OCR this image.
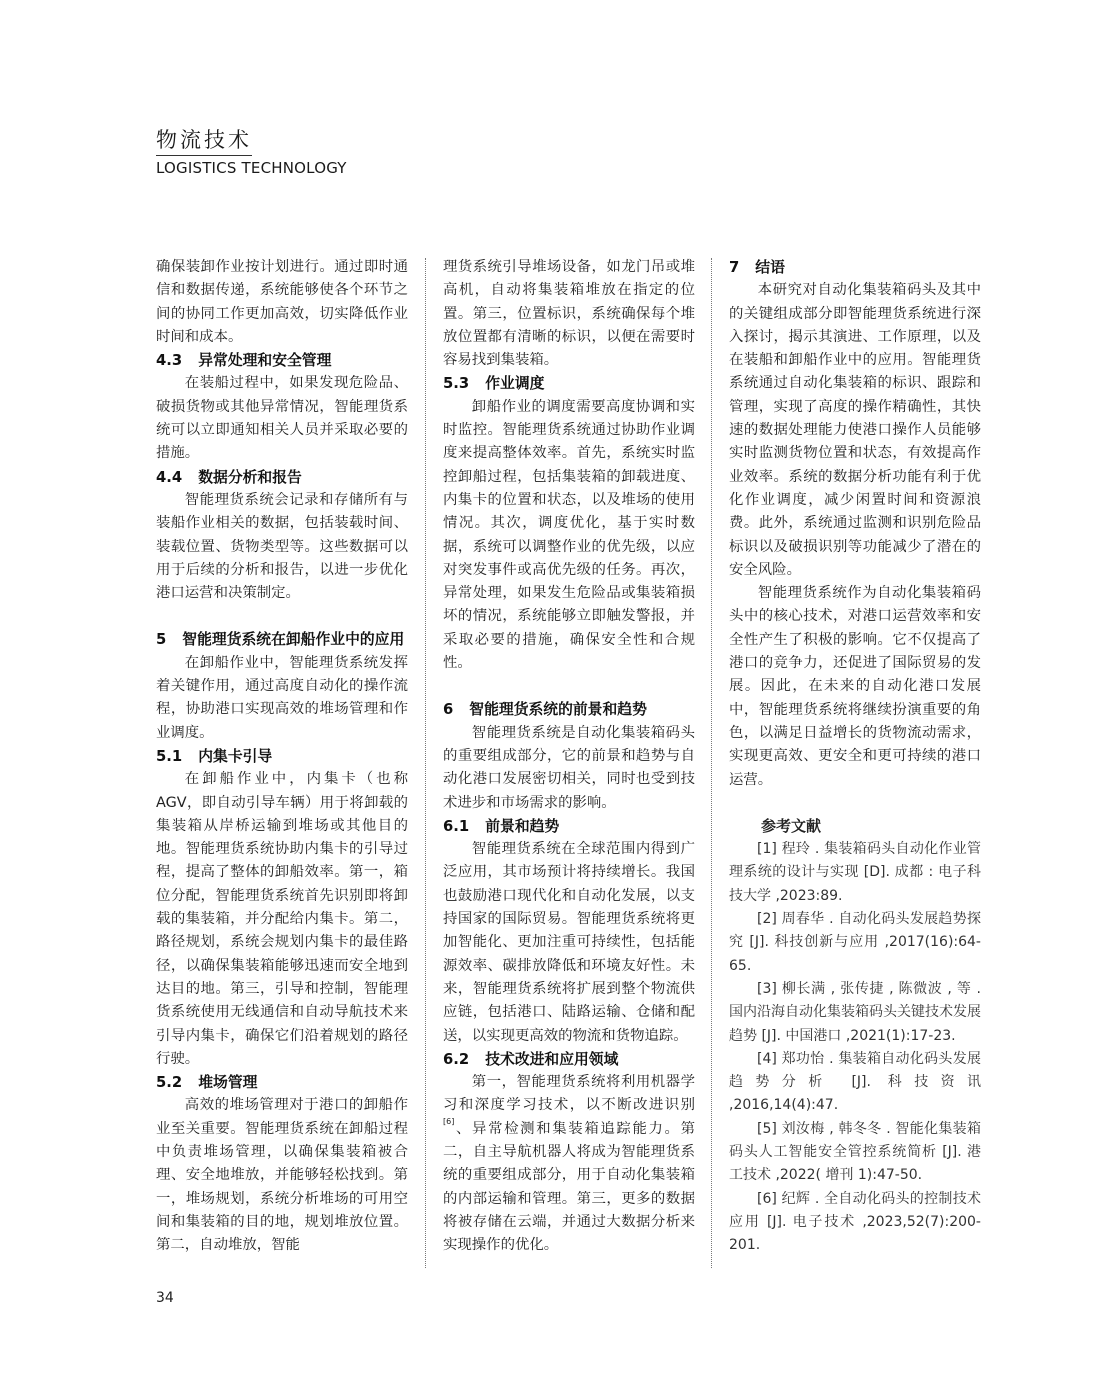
物流技术
LOGISTICS TECHNOLOGY

确保装卸作业按计划进行。通过即时通信和数据传递，系统能够使各个环节之间的协同工作更加高效，切实降低作业时间和成本。

4.3 异常处理和安全管理

在装船过程中，如果发现危险品、破损货物或其他异常情况，智能理货系统可以立即通知相关人员并采取必要的措施。

4.4 数据分析和报告

智能理货系统会记录和存储所有与装船作业相关的数据，包括装载时间、装载位置、货物类型等。这些数据可以用于后续的分析和报告，以进一步优化港口运营和决策制定。

5 智能理货系统在卸船作业中的应用

在卸船作业中，智能理货系统发挥着关键作用，通过高度自动化的操作流程，协助港口实现高效的堆场管理和作业调度。

5.1 内集卡引导

在卸船作业中，内集卡（也称AGV，即自动引导车辆）用于将卸载的集装箱从岸桥运输到堆场或其他目的地。智能理货系统协助内集卡的引导过程，提高了整体的卸船效率。第一，箱位分配，智能理货系统首先识别即将卸载的集装箱，并分配给内集卡。第二，路径规划，系统会规划内集卡的最佳路径，以确保集装箱能够迅速而安全地到达目的地。第三，引导和控制，智能理货系统使用无线通信和自动导航技术来引导内集卡，确保它们沿着规划的路径行驶。

5.2 堆场管理

高效的堆场管理对于港口的卸船作业至关重要。智能理货系统在卸船过程中负责堆场管理，以确保集装箱被合理、安全地堆放，并能够轻松找到。第一，堆场规划，系统分析堆场的可用空间和集装箱的目的地，规划堆放位置。第二，自动堆放，智能

理货系统引导堆场设备，如龙门吊或堆高机，自动将集装箱堆放在指定的位置。第三，位置标识，系统确保每个堆放位置都有清晰的标识，以便在需要时容易找到集装箱。

5.3 作业调度

卸船作业的调度需要高度协调和实时监控。智能理货系统通过协助作业调度来提高整体效率。首先，系统实时监控卸船过程，包括集装箱的卸载进度、内集卡的位置和状态，以及堆场的使用情况。其次，调度优化，基于实时数据，系统可以调整作业的优先级，以应对突发事件或高优先级的任务。再次，异常处理，如果发生危险品或集装箱损坏的情况，系统能够立即触发警报，并采取必要的措施，确保安全性和合规性。

6 智能理货系统的前景和趋势

智能理货系统是自动化集装箱码头的重要组成部分，它的前景和趋势与自动化港口发展密切相关，同时也受到技术进步和市场需求的影响。

6.1 前景和趋势

智能理货系统在全球范围内得到广泛应用，其市场预计将持续增长。我国也鼓励港口现代化和自动化发展，以支持国家的国际贸易。智能理货系统将更加智能化、更加注重可持续性，包括能源效率、碳排放降低和环境友好性。未来，智能理货系统将扩展到整个物流供应链，包括港口、陆路运输、仓储和配送，以实现更高效的物流和货物追踪。

6.2 技术改进和应用领域

第一，智能理货系统将利用机器学习和深度学习技术，以不断改进识别[6]、异常检测和集装箱追踪能力。第二，自主导航机器人将成为智能理货系统的重要组成部分，用于自动化集装箱的内部运输和管理。第三，更多的数据将被存储在云端，并通过大数据分析来实现操作的优化。

7 结语

本研究对自动化集装箱码头及其中的关键组成部分即智能理货系统进行深入探讨，揭示其演进、工作原理，以及在装船和卸船作业中的应用。智能理货系统通过自动化集装箱的标识、跟踪和管理，实现了高度的操作精确性，其快速的数据处理能力使港口操作人员能够实时监测货物位置和状态，有效提高作业效率。系统的数据分析功能有利于优化作业调度，减少闲置时间和资源浪费。此外，系统通过监测和识别危险品标识以及破损识别等功能减少了潜在的安全风险。

智能理货系统作为自动化集装箱码头中的核心技术，对港口运营效率和安全性产生了积极的影响。它不仅提高了港口的竞争力，还促进了国际贸易的发展。因此，在未来的自动化港口发展中，智能理货系统将继续扮演重要的角色，以满足日益增长的货物流动需求，实现更高效、更安全和更可持续的港口运营。

参考文献

[1] 程玲 . 集装箱码头自动化作业管理系统的设计与实现 [D]. 成都 : 电子科技大学 ,2023:89.

[2] 周春华 . 自动化码头发展趋势探究 [J]. 科技创新与应用 ,2017(16):64-65.

[3] 柳长满 , 张传捷 , 陈微波 , 等 . 国内沿海自动化集装箱码头关键技术发展趋势 [J]. 中国港口 ,2021(1):17-23.

[4] 郑功怡 . 集装箱自动化码头发展趋势分析 [J]. 科技资讯 ,2016,14(4):47.

[5] 刘汝梅 , 韩冬冬 . 智能化集装箱码头人工智能安全管控系统简析 [J]. 港工技术 ,2022( 增刊 1):47-50.

[6] 纪辉 . 全自动化码头的控制技术应用 [J]. 电子技术 ,2023,52(7):200-201.

34
